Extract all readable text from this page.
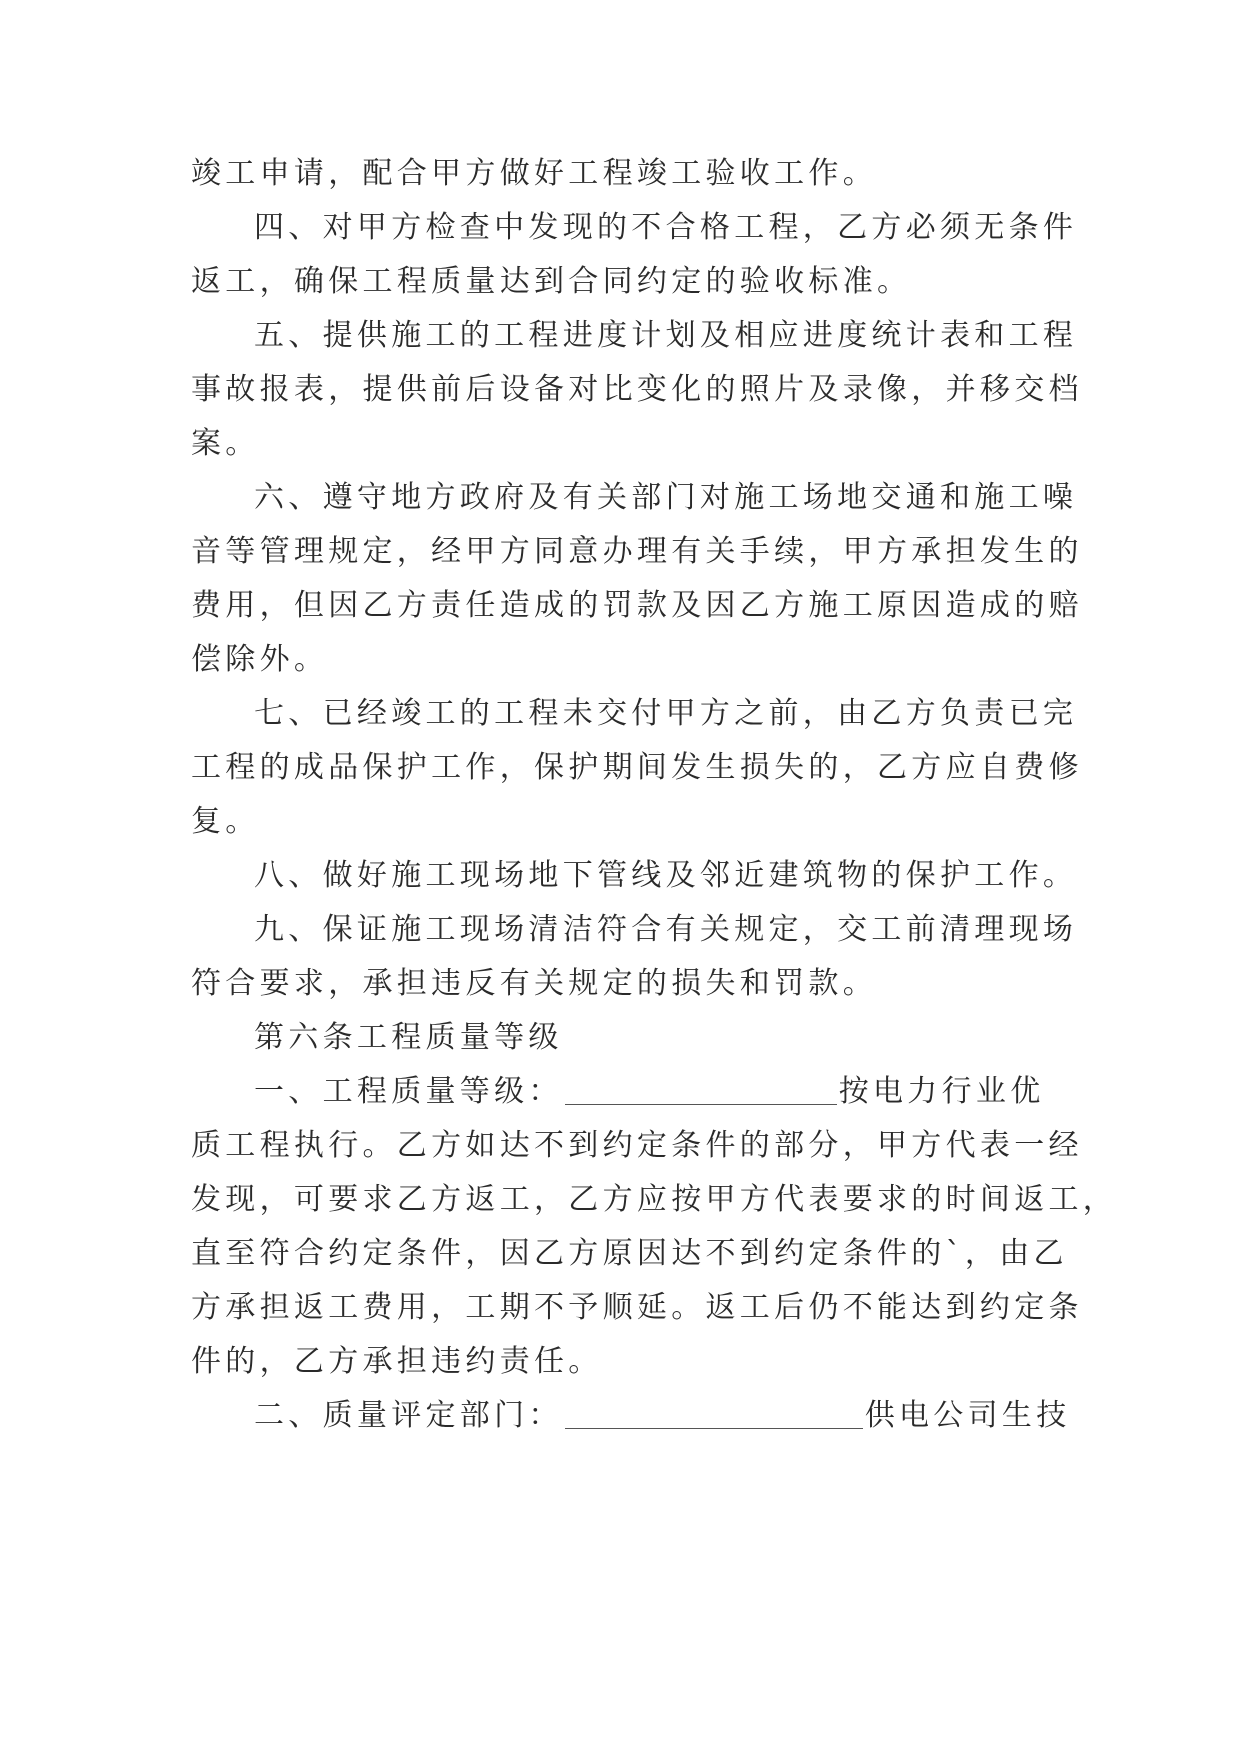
竣工申请，配合甲方做好工程竣工验收工作。
四、对甲方检查中发现的不合格工程，乙方必须无条件
返工，确保工程质量达到合同约定的验收标准。
五、提供施工的工程进度计划及相应进度统计表和工程
事故报表，提供前后设备对比变化的照片及录像，并移交档
案。
六、遵守地方政府及有关部门对施工场地交通和施工噪
音等管理规定，经甲方同意办理有关手续，甲方承担发生的
费用，但因乙方责任造成的罚款及因乙方施工原因造成的赔
偿除外。
七、已经竣工的工程未交付甲方之前，由乙方负责已完
工程的成品保护工作，保护期间发生损失的，乙方应自费修
复。
八、做好施工现场地下管线及邻近建筑物的保护工作。
九、保证施工现场清洁符合有关规定，交工前清理现场
符合要求，承担违反有关规定的损失和罚款。
第六条工程质量等级
一、工程质量等级：	按电力行业优
质工程执行。乙方如达不到约定条件的部分，甲方代表一经
发现，可要求乙方返工，乙方应按甲方代表要求的时间返工，
直至符合约定条件，因乙方原因达不到约定条件的`，由乙
方承担返工费用，工期不予顺延。返工后仍不能达到约定条
件的，乙方承担违约责任。
二、质量评定部门：	供电公司生技
